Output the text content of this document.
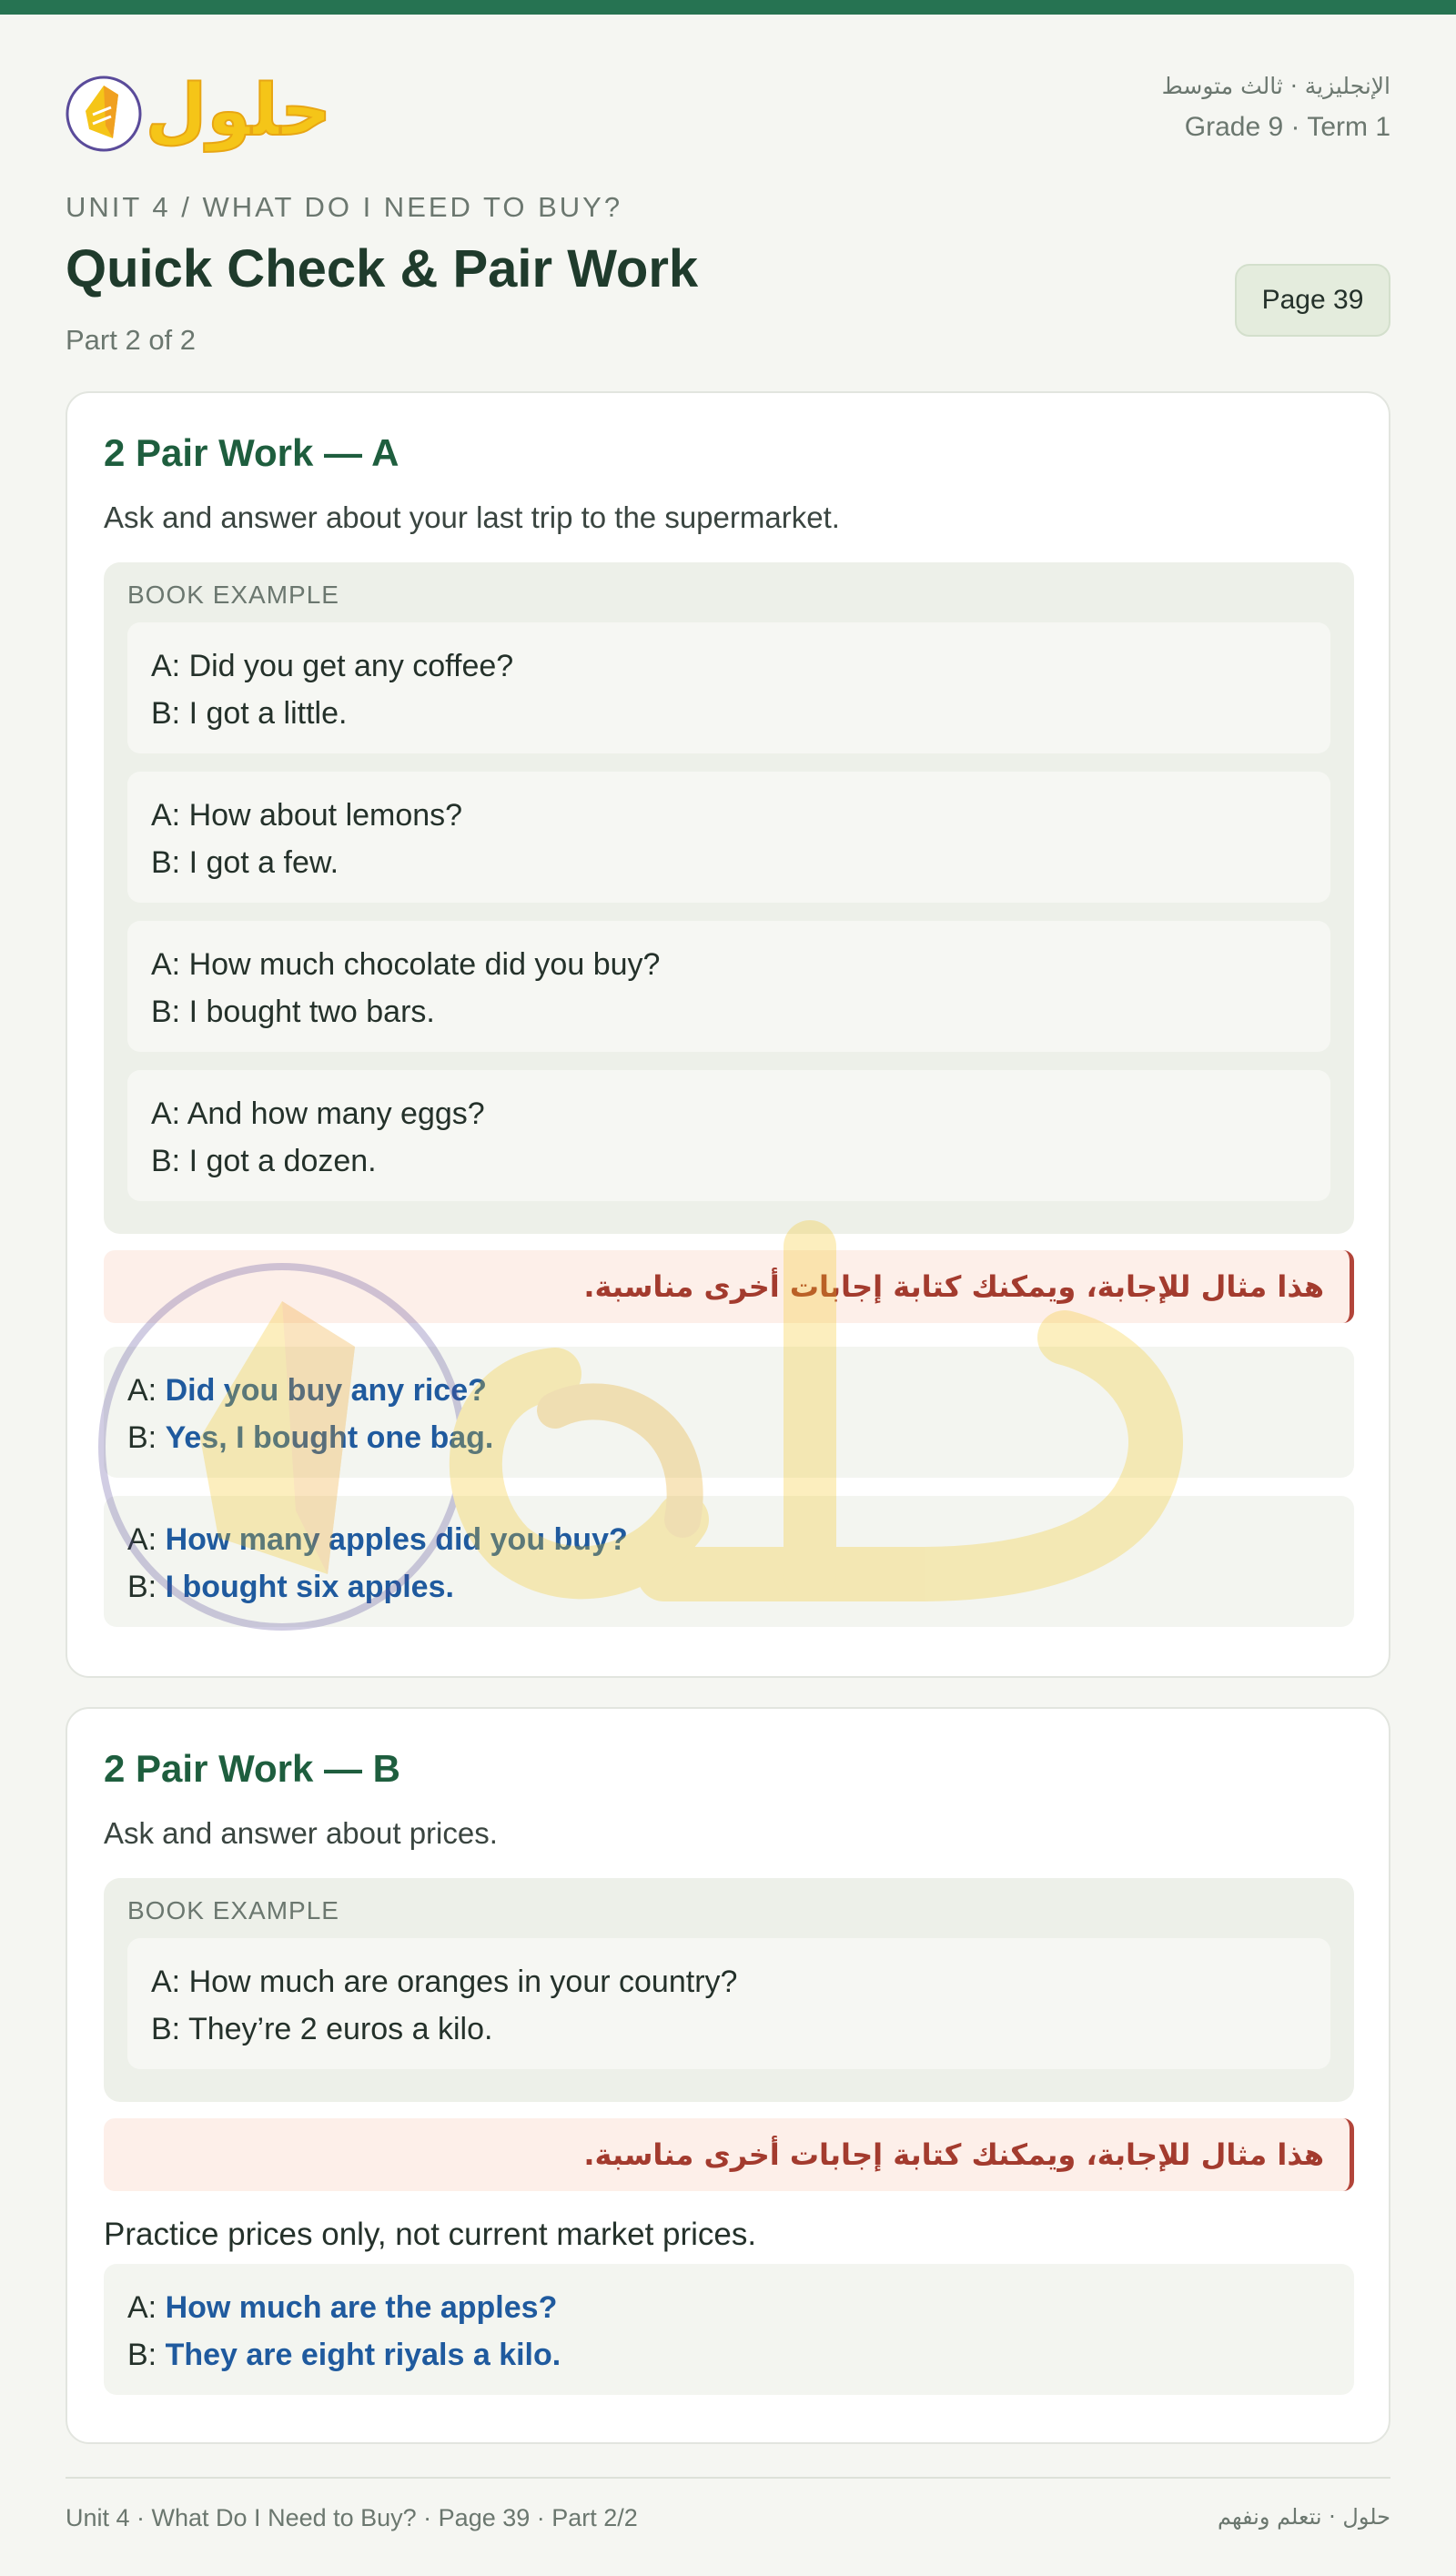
حلول	الإنجليزية · ثالث متوسط
Grade 9 · Term 1
UNIT 4 / WHAT DO I NEED TO BUY?
Quick Check & Pair Work
Part 2 of 2
Page 39
2 Pair Work — A
Ask and answer about your last trip to the supermarket.
BOOK EXAMPLE

A: Did you get any coffee?

B: I got a little.

A: How about lemons?

B: I got a few.

A: How much chocolate did you buy?

B: I bought two bars.

A: And how many eggs?

B: I got a dozen.

هذا مثال للإجابة، ويمكنك كتابة إجابات أخرى مناسبة.

A: Did you buy any rice?

B: Yes, I bought one bag.

A: How many apples did you buy?

B: I bought six apples.

2 Pair Work — B
Ask and answer about prices.
BOOK EXAMPLE

A: How much are oranges in your country?

B: They’re 2 euros a kilo.

هذا مثال للإجابة، ويمكنك كتابة إجابات أخرى مناسبة.
Practice prices only, not current market prices.

A: How much are the apples?

B: They are eight riyals a kilo.

Unit 4 · What Do I Need to Buy? · Page 39 · Part 2/2	حلول · نتعلم ونفهم
